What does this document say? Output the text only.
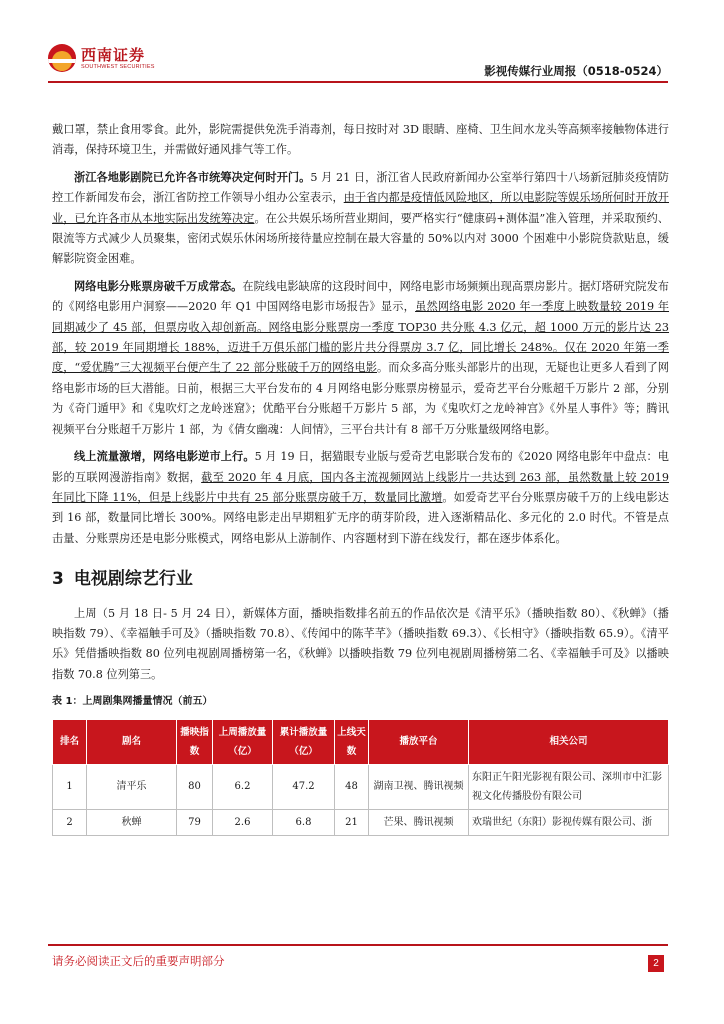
西南证券
SOUTHWEST SECURITIES	影视传媒行业周报（0518-0524）

戴口罩，禁止食用零食。此外，影院需提供免洗手消毒剂，每日按时对 3D 眼睛、座椅、卫生间水龙头等高频率接触物体进行消毒，保持环境卫生，并需做好通风排气等工作。

浙江各地影剧院已允许各市统筹决定何时开门。5 月 21 日，浙江省人民政府新闻办公室举行第四十八场新冠肺炎疫情防控工作新闻发布会，浙江省防控工作领导小组办公室表示，由于省内都是疫情低风险地区，所以电影院等娱乐场所何时开放开业，已允许各市从本地实际出发统筹决定。在公共娱乐场所营业期间，要严格实行“健康码+测体温”准入管理，并采取预约、限流等方式减少人员聚集，密闭式娱乐休闲场所接待量应控制在最大容量的 50%以内对 3000 个困难中小影院贷款贴息，缓解影院资金困难。

网络电影分账票房破千万成常态。在院线电影缺席的这段时间中，网络电影市场频频出现高票房影片。据灯塔研究院发布的《网络电影用户洞察——2020 年 Q1 中国网络电影市场报告》显示，虽然网络电影 2020 年一季度上映数量较 2019 年同期减少了 45 部，但票房收入却创新高。网络电影分账票房一季度 TOP30 共分账 4.3 亿元，超 1000 万元的影片达 23 部，较 2019 年同期增长 188%，迈进千万俱乐部门槛的影片共分得票房 3.7 亿，同比增长 248%。仅在 2020 年第一季度，“爱优腾”三大视频平台便产生了 22 部分账破千万的网络电影。而众多高分账头部影片的出现，无疑也让更多人看到了网络电影市场的巨大潜能。日前，根据三大平台发布的 4 月网络电影分账票房榜显示，爱奇艺平台分账超千万影片 2 部，分别为《奇门遁甲》和《鬼吹灯之龙岭迷窟》；优酷平台分账超千万影片 5 部，为《鬼吹灯之龙岭神宫》《外星人事件》等；腾讯视频平台分账超千万影片 1 部，为《倩女幽魂：人间情》，三平台共计有 8 部千万分账量级网络电影。

线上流量激增，网络电影逆市上行。5 月 19 日，据猫眼专业版与爱奇艺电影联合发布的《2020 网络电影年中盘点：电影的互联网漫游指南》数据，截至 2020 年 4 月底，国内各主流视频网站上线影片一共达到 263 部，虽然数量上较 2019 年同比下降 11%，但是上线影片中共有 25 部分账票房破千万，数量同比激增。如爱奇艺平台分账票房破千万的上线电影达到 16 部，数量同比增长 300%。网络电影走出早期粗犷无序的萌芽阶段，进入逐渐精品化、多元化的 2.0 时代。不管是点击量、分账票房还是电影分账模式，网络电影从上游制作、内容题材到下游在线发行，都在逐步体系化。

3 电视剧综艺行业

上周（5 月 18 日- 5 月 24 日），新媒体方面，播映指数排名前五的作品依次是《清平乐》（播映指数 80）、《秋蝉》（播映指数 79）、《幸福触手可及》（播映指数 70.8）、《传闻中的陈芊芊》（播映指数 69.3）、《长相守》（播映指数 65.9）。《清平乐》凭借播映指数 80 位列电视剧周播榜第一名，《秋蝉》以播映指数 79 位列电视剧周播榜第二名、《幸福触手可及》以播映指数 70.8 位列第三。

表 1：上周剧集网播量情况（前五）
排名	剧名	播映指数	上周播放量（亿）	累计播放量（亿）	上线天数	播放平台	相关公司
1	清平乐	80	6.2	47.2	48	湖南卫视、腾讯视频	东阳正午阳光影视有限公司、深圳市中汇影视文化传播股份有限公司
2	秋蝉	79	2.6	6.8	21	芒果、腾讯视频	欢瑞世纪（东阳）影视传媒有限公司、浙
请务必阅读正文后的重要声明部分	2
